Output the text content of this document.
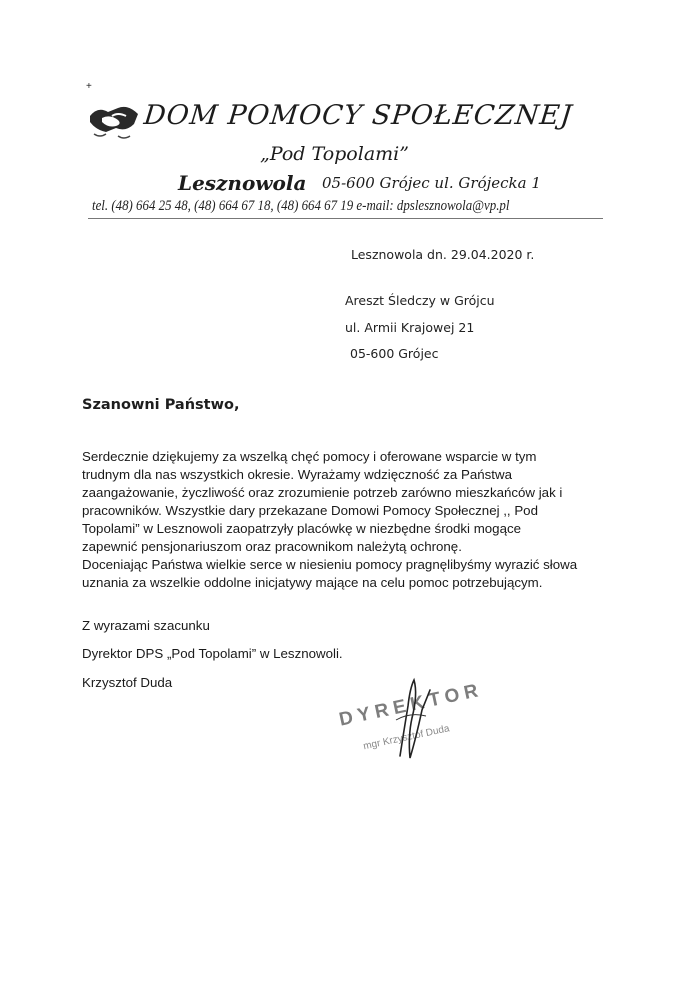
+
DOM POMOCY SPOŁECZNEJ
„Pod Topolami”
Lesznowola 05-600 Grójec ul. Grójecka 1
tel. (48) 664 25 48, (48) 664 67 18, (48) 664 67 19 e-mail: dpslesznowola@vp.pl
Lesznowola dn. 29.04.2020 r.
Areszt Śledczy w Grójcu
ul. Armii Krajowej 21
05-600 Grójec
Szanowni Państwo,
Serdecznie dziękujemy za wszelką chęć pomocy i oferowane wsparcie w tym
trudnym dla nas wszystkich okresie. Wyrażamy wdzięczność za Państwa
zaangażowanie, życzliwość oraz zrozumienie potrzeb zarówno mieszkańców jak i
pracowników. Wszystkie dary przekazane Domowi Pomocy Społecznej ,, Pod
Topolami” w Lesznowoli zaopatrzyły placówkę w niezbędne środki mogące
zapewnić pensjonariuszom oraz pracownikom należytą ochronę.
Doceniając Państwa wielkie serce w niesieniu pomocy pragnęlibyśmy wyrazić słowa
uznania za wszelkie oddolne inicjatywy mające na celu pomoc potrzebującym.
Z wyrazami szacunku
Dyrektor DPS „Pod Topolami” w Lesznowoli.
Krzysztof Duda	DYREKTOR
mgr Krzysztof Duda
